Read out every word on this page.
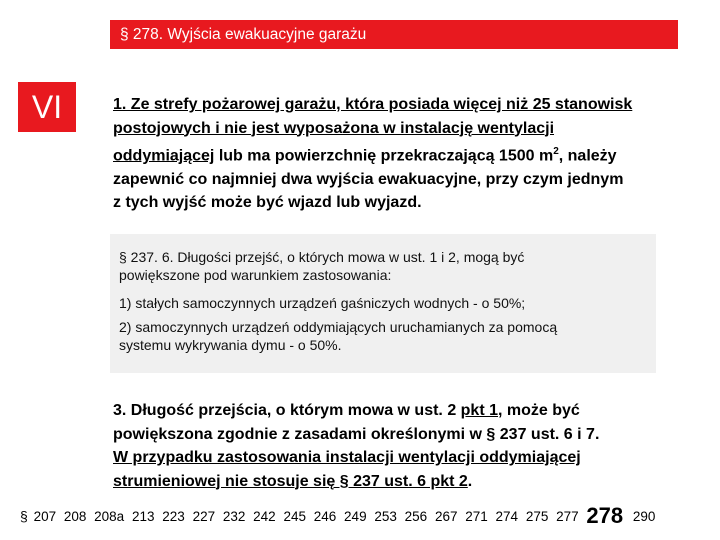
§ 278. Wyjścia ewakuacyjne garażu
VI	1. Ze strefy pożarowej garażu, która posiada więcej niż 25 stanowisk
postojowych i nie jest wyposażona w instalację wentylacji
oddymiającej lub ma powierzchnię przekraczającą 1500 $m^2$, należy
zapewnić co najmniej dwa wyjścia ewakuacyjne, przy czym jednym
z tych wyjść może być wjazd lub wyjazd.

§ 237. 6. Długości przejść, o których mowa w ust. 1 i 2, mogą być

powiększone pod warunkiem zastosowania:

1) stałych samoczynnych urządzeń gaśniczych wodnych - o 50%;

2) samoczynnych urządzeń oddymiających uruchamianych za pomocą

systemu wykrywania dymu - o 50%.

3. Długość przejścia, o którym mowa w ust. 2 pkt 1, może być
powiększona zgodnie z zasadami określonymi w § 237 ust. 6 i 7.
W przypadku zastosowania instalacji wentylacji oddymiającej
strumieniowej nie stosuje się § 237 ust. 6 pkt 2.
§ 207 208 208a 213 223 227 232 242 245 246 249 253 256 267 271 274 275 277 278 290
